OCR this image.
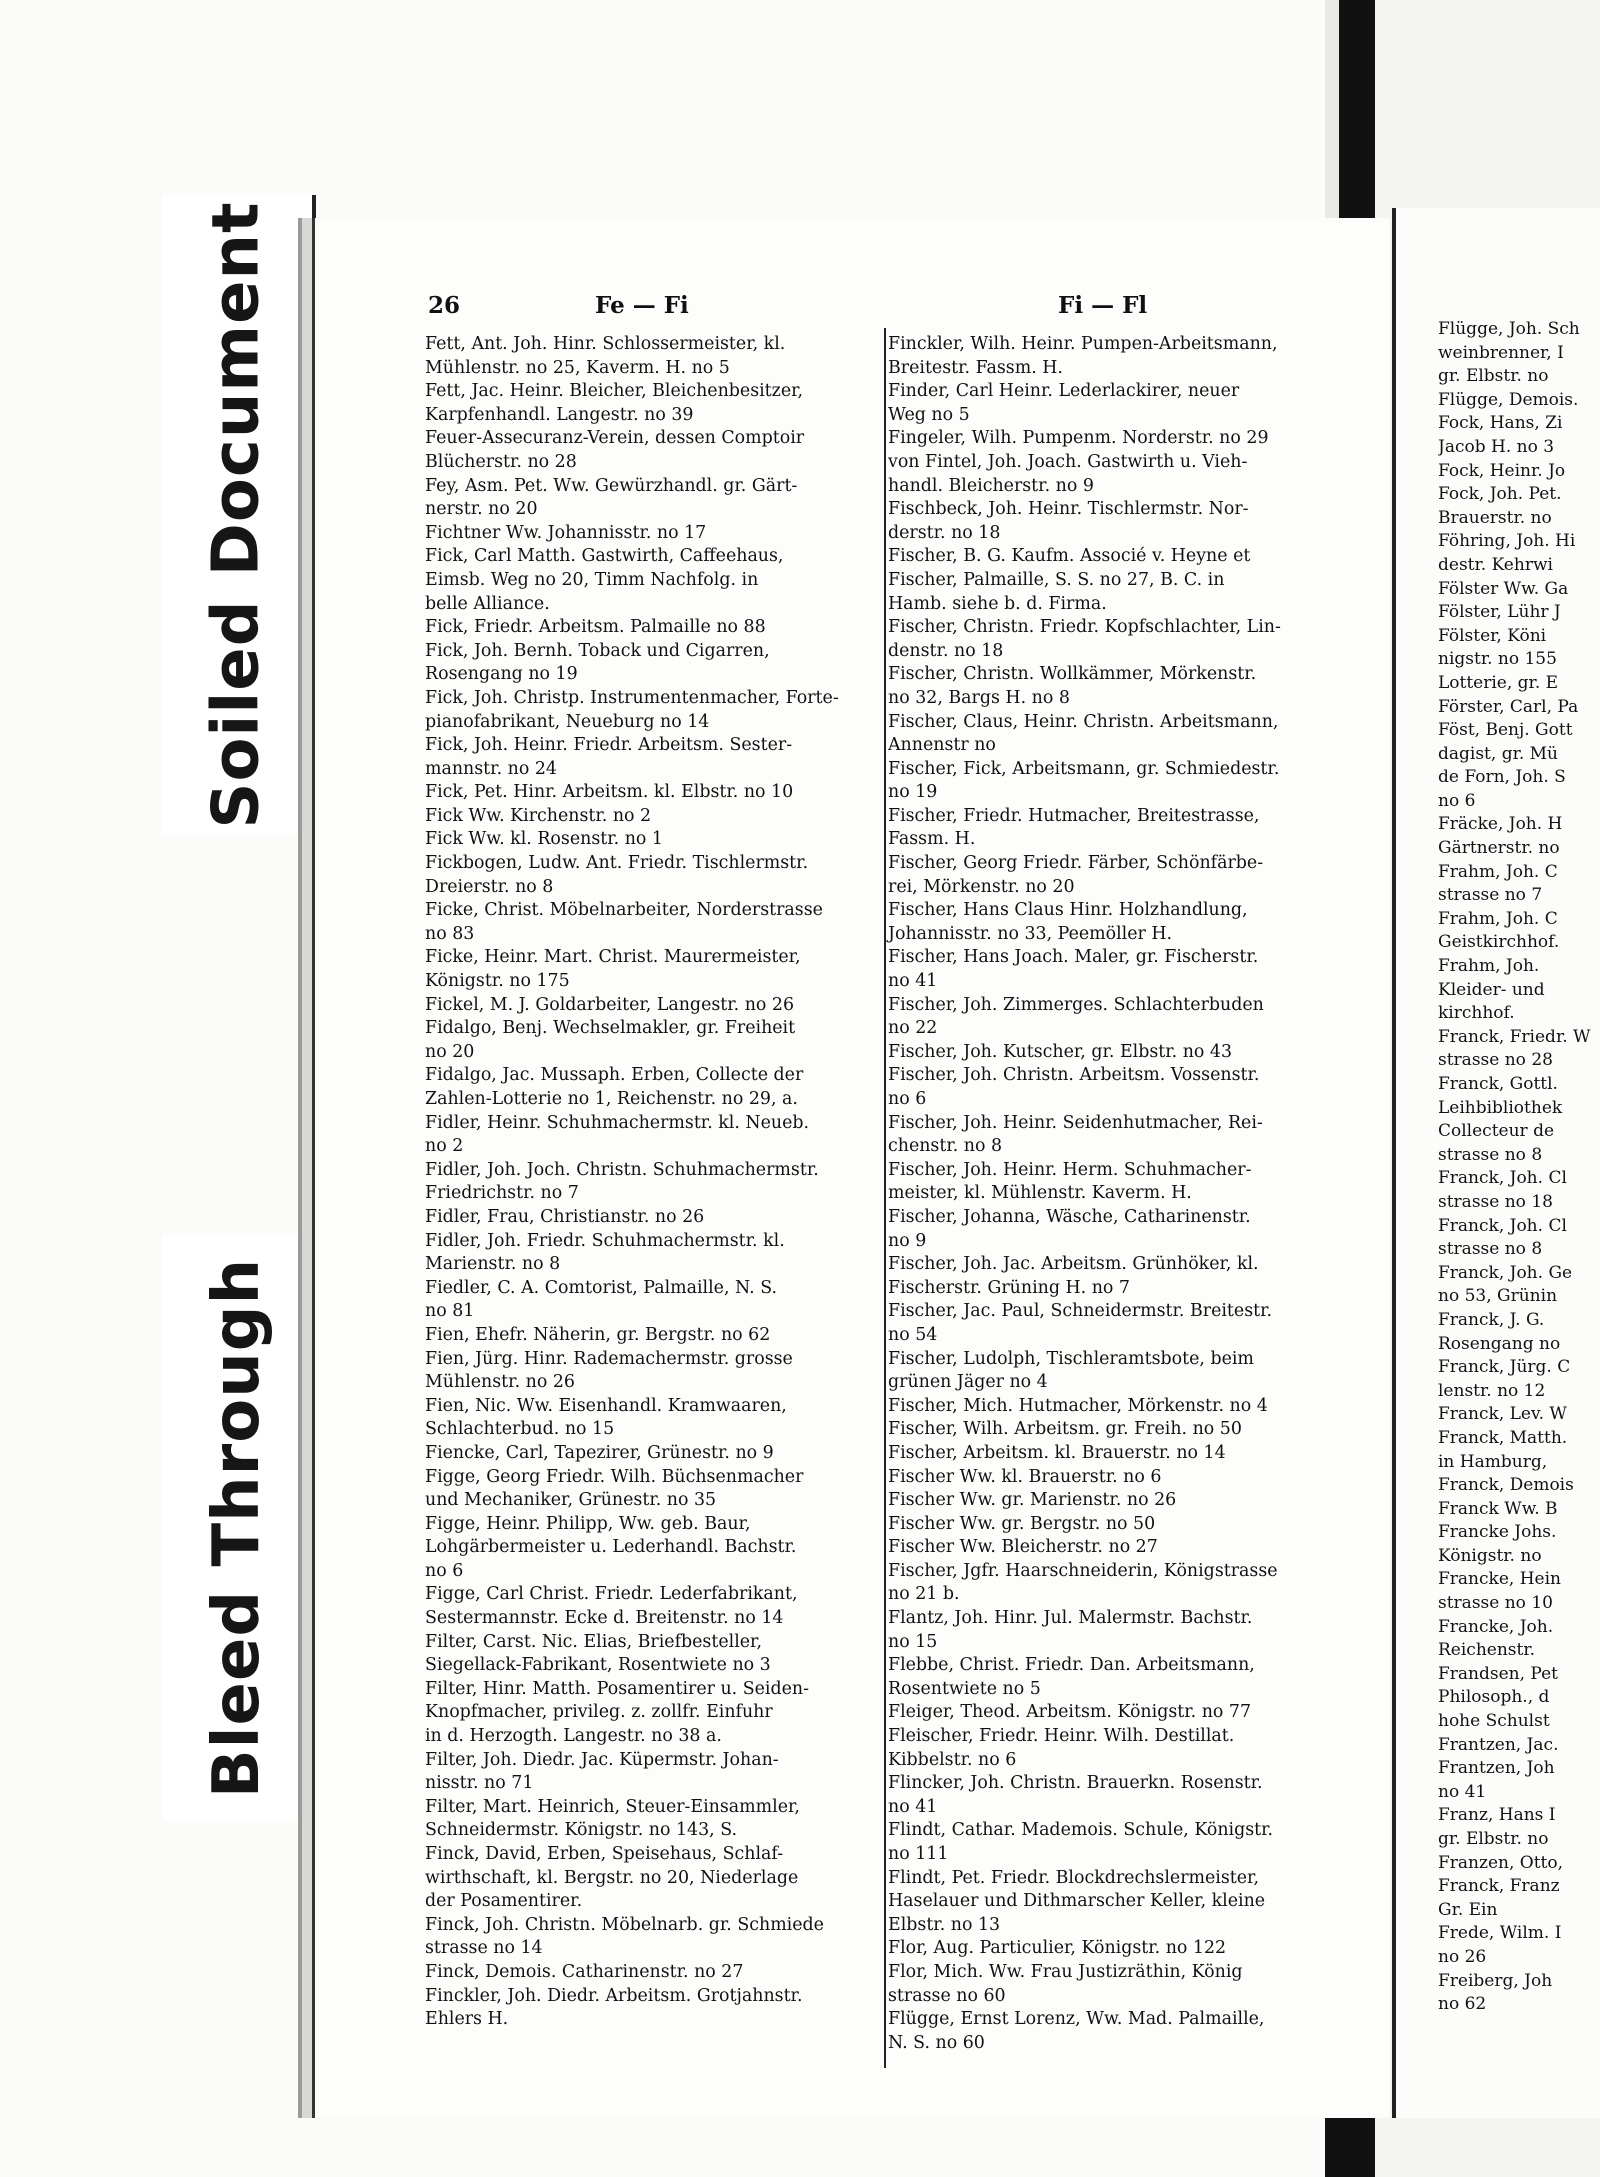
Soiled Document
Bleed Through
26	Fe — Fi	Fi — Fl
Fett, Ant. Joh. Hinr. Schlossermeister, kl.
Mühlenstr. no 25, Kaverm. H. no 5
Fett, Jac. Heinr. Bleicher, Bleichenbesitzer,
Karpfenhandl. Langestr. no 39
Feuer-Assecuranz-Verein, dessen Comptoir
Blücherstr. no 28
Fey, Asm. Pet. Ww. Gewürzhandl. gr. Gärt-
nerstr. no 20
Fichtner Ww. Johannisstr. no 17
Fick, Carl Matth. Gastwirth, Caffeehaus,
Eimsb. Weg no 20, Timm Nachfolg. in
belle Alliance.
Fick, Friedr. Arbeitsm. Palmaille no 88
Fick, Joh. Bernh. Toback und Cigarren,
Rosengang no 19
Fick, Joh. Christp. Instrumentenmacher, Forte-
pianofabrikant, Neueburg no 14
Fick, Joh. Heinr. Friedr. Arbeitsm. Sester-
mannstr. no 24
Fick, Pet. Hinr. Arbeitsm. kl. Elbstr. no 10
Fick Ww. Kirchenstr. no 2
Fick Ww. kl. Rosenstr. no 1
Fickbogen, Ludw. Ant. Friedr. Tischlermstr.
Dreierstr. no 8
Ficke, Christ. Möbelnarbeiter, Norderstrasse
no 83
Ficke, Heinr. Mart. Christ. Maurermeister,
Königstr. no 175
Fickel, M. J. Goldarbeiter, Langestr. no 26
Fidalgo, Benj. Wechselmakler, gr. Freiheit
no 20
Fidalgo, Jac. Mussaph. Erben, Collecte der
Zahlen-Lotterie no 1, Reichenstr. no 29, a.
Fidler, Heinr. Schuhmachermstr. kl. Neueb.
no 2
Fidler, Joh. Joch. Christn. Schuhmachermstr.
Friedrichstr. no 7
Fidler, Frau, Christianstr. no 26
Fidler, Joh. Friedr. Schuhmachermstr. kl.
Marienstr. no 8
Fiedler, C. A. Comtorist, Palmaille, N. S.
no 81
Fien, Ehefr. Näherin, gr. Bergstr. no 62
Fien, Jürg. Hinr. Rademachermstr. grosse
Mühlenstr. no 26
Fien, Nic. Ww. Eisenhandl. Kramwaaren,
Schlachterbud. no 15
Fiencke, Carl, Tapezirer, Grünestr. no 9
Figge, Georg Friedr. Wilh. Büchsenmacher
und Mechaniker, Grünestr. no 35
Figge, Heinr. Philipp, Ww. geb. Baur,
Lohgärbermeister u. Lederhandl. Bachstr.
no 6
Figge, Carl Christ. Friedr. Lederfabrikant,
Sestermannstr. Ecke d. Breitenstr. no 14
Filter, Carst. Nic. Elias, Briefbesteller,
Siegellack-Fabrikant, Rosentwiete no 3
Filter, Hinr. Matth. Posamentirer u. Seiden-
Knopfmacher, privileg. z. zollfr. Einfuhr
in d. Herzogth. Langestr. no 38 a.
Filter, Joh. Diedr. Jac. Küpermstr. Johan-
nisstr. no 71
Filter, Mart. Heinrich, Steuer-Einsammler,
Schneidermstr. Königstr. no 143, S.
Finck, David, Erben, Speisehaus, Schlaf-
wirthschaft, kl. Bergstr. no 20, Niederlage
der Posamentirer.
Finck, Joh. Christn. Möbelnarb. gr. Schmiede
strasse no 14
Finck, Demois. Catharinenstr. no 27
Finckler, Joh. Diedr. Arbeitsm. Grotjahnstr.
Ehlers H.
Finckler, Wilh. Heinr. Pumpen-Arbeitsmann,
Breitestr. Fassm. H.
Finder, Carl Heinr. Lederlackirer, neuer
Weg no 5
Fingeler, Wilh. Pumpenm. Norderstr. no 29
von Fintel, Joh. Joach. Gastwirth u. Vieh-
handl. Bleicherstr. no 9
Fischbeck, Joh. Heinr. Tischlermstr. Nor-
derstr. no 18
Fischer, B. G. Kaufm. Associé v. Heyne et
Fischer, Palmaille, S. S. no 27, B. C. in
Hamb. siehe b. d. Firma.
Fischer, Christn. Friedr. Kopfschlachter, Lin-
denstr. no 18
Fischer, Christn. Wollkämmer, Mörkenstr.
no 32, Bargs H. no 8
Fischer, Claus, Heinr. Christn. Arbeitsmann,
Annenstr no
Fischer, Fick, Arbeitsmann, gr. Schmiedestr.
no 19
Fischer, Friedr. Hutmacher, Breitestrasse,
Fassm. H.
Fischer, Georg Friedr. Färber, Schönfärbe-
rei, Mörkenstr. no 20
Fischer, Hans Claus Hinr. Holzhandlung,
Johannisstr. no 33, Peemöller H.
Fischer, Hans Joach. Maler, gr. Fischerstr.
no 41
Fischer, Joh. Zimmerges. Schlachterbuden
no 22
Fischer, Joh. Kutscher, gr. Elbstr. no 43
Fischer, Joh. Christn. Arbeitsm. Vossenstr.
no 6
Fischer, Joh. Heinr. Seidenhutmacher, Rei-
chenstr. no 8
Fischer, Joh. Heinr. Herm. Schuhmacher-
meister, kl. Mühlenstr. Kaverm. H.
Fischer, Johanna, Wäsche, Catharinenstr.
no 9
Fischer, Joh. Jac. Arbeitsm. Grünhöker, kl.
Fischerstr. Grüning H. no 7
Fischer, Jac. Paul, Schneidermstr. Breitestr.
no 54
Fischer, Ludolph, Tischleramtsbote, beim
grünen Jäger no 4
Fischer, Mich. Hutmacher, Mörkenstr. no 4
Fischer, Wilh. Arbeitsm. gr. Freih. no 50
Fischer, Arbeitsm. kl. Brauerstr. no 14
Fischer Ww. kl. Brauerstr. no 6
Fischer Ww. gr. Marienstr. no 26
Fischer Ww. gr. Bergstr. no 50
Fischer Ww. Bleicherstr. no 27
Fischer, Jgfr. Haarschneiderin, Königstrasse
no 21 b.
Flantz, Joh. Hinr. Jul. Malermstr. Bachstr.
no 15
Flebbe, Christ. Friedr. Dan. Arbeitsmann,
Rosentwiete no 5
Fleiger, Theod. Arbeitsm. Königstr. no 77
Fleischer, Friedr. Heinr. Wilh. Destillat.
Kibbelstr. no 6
Flincker, Joh. Christn. Brauerkn. Rosenstr.
no 41
Flindt, Cathar. Mademois. Schule, Königstr.
no 111
Flindt, Pet. Friedr. Blockdrechslermeister,
Haselauer und Dithmarscher Keller, kleine
Elbstr. no 13
Flor, Aug. Particulier, Königstr. no 122
Flor, Mich. Ww. Frau Justizräthin, König
strasse no 60
Flügge, Ernst Lorenz, Ww. Mad. Palmaille,
N. S. no 60
Flügge, Joh. Sch
weinbrenner, I
gr. Elbstr. no
Flügge, Demois.
Fock, Hans, Zi
Jacob H. no 3
Fock, Heinr. Jo
Fock, Joh. Pet.
Brauerstr. no
Föhring, Joh. Hi
destr. Kehrwi
Fölster Ww. Ga
Fölster, Lühr J
Fölster, Köni
nigstr. no 155
Lotterie, gr. E
Förster, Carl, Pa
Föst, Benj. Gott
dagist, gr. Mü
de Forn, Joh. S
no 6
Fräcke, Joh. H
Gärtnerstr. no
Frahm, Joh. C
strasse no 7
Frahm, Joh. C
Geistkirchhof.
Frahm, Joh.
Kleider- und
kirchhof.
Franck, Friedr. W
strasse no 28
Franck, Gottl.
Leihbibliothek
Collecteur de
strasse no 8
Franck, Joh. Cl
strasse no 18
Franck, Joh. Cl
strasse no 8
Franck, Joh. Ge
no 53, Grünin
Franck, J. G.
Rosengang no
Franck, Jürg. C
lenstr. no 12
Franck, Lev. W
Franck, Matth.
in Hamburg,
Franck, Demois
Franck Ww. B
Francke Johs.
Königstr. no
Francke, Hein
strasse no 10
Francke, Joh.
Reichenstr.
Frandsen, Pet
Philosoph., d
hohe Schulst
Frantzen, Jac.
Frantzen, Joh
no 41
Franz, Hans I
gr. Elbstr. no
Franzen, Otto,
Franck, Franz
Gr. Ein
Frede, Wilm. I
no 26
Freiberg, Joh
no 62
